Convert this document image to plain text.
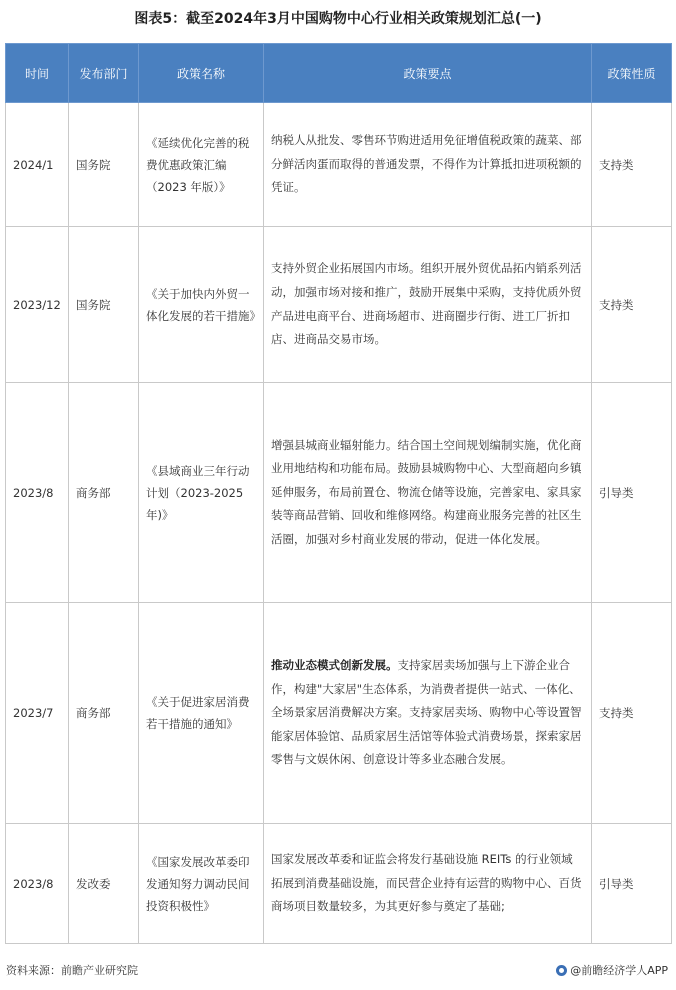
图表5：截至2024年3月中国购物中心行业相关政策规划汇总(一)
时间	发布部门	政策名称	政策要点	政策性质
2024/1	国务院	《延续优化完善的税费优惠政策汇编（2023 年版）》	纳税人从批发、零售环节购进适用免征增值税政策的蔬菜、部分鲜活肉蛋而取得的普通发票，不得作为计算抵扣进项税额的凭证。	支持类
2023/12	国务院	《关于加快内外贸一体化发展的若干措施》	支持外贸企业拓展国内市场。组织开展外贸优品拓内销系列活动，加强市场对接和推广，鼓励开展集中采购，支持优质外贸产品进电商平台、进商场超市、进商圈步行街、进工厂折扣店、进商品交易市场。	支持类
2023/8	商务部	《县域商业三年行动计划（2023-2025 年)》	增强县城商业辐射能力。结合国土空间规划编制实施，优化商业用地结构和功能布局。鼓励县城购物中心、大型商超向乡镇延伸服务，布局前置仓、物流仓储等设施，完善家电、家具家装等商品营销、回收和维修网络。构建商业服务完善的社区生活圈，加强对乡村商业发展的带动，促进一体化发展。	引导类
2023/7	商务部	《关于促进家居消费若干措施的通知》	推动业态模式创新发展。支持家居卖场加强与上下游企业合作，构建"大家居"生态体系，为消费者提供一站式、一体化、全场景家居消费解决方案。支持家居卖场、购物中心等设置智能家居体验馆、品质家居生活馆等体验式消费场景，探索家居零售与文娱休闲、创意设计等多业态融合发展。	支持类
2023/8	发改委	《国家发展改革委印发通知努力调动民间投资积极性》	国家发展改革委和证监会将发行基础设施 REITs 的行业领域拓展到消费基础设施，而民营企业持有运营的购物中心、百货商场项目数量较多，为其更好参与奠定了基础;	引导类
资料来源：前瞻产业研究院	@前瞻经济学人APP
